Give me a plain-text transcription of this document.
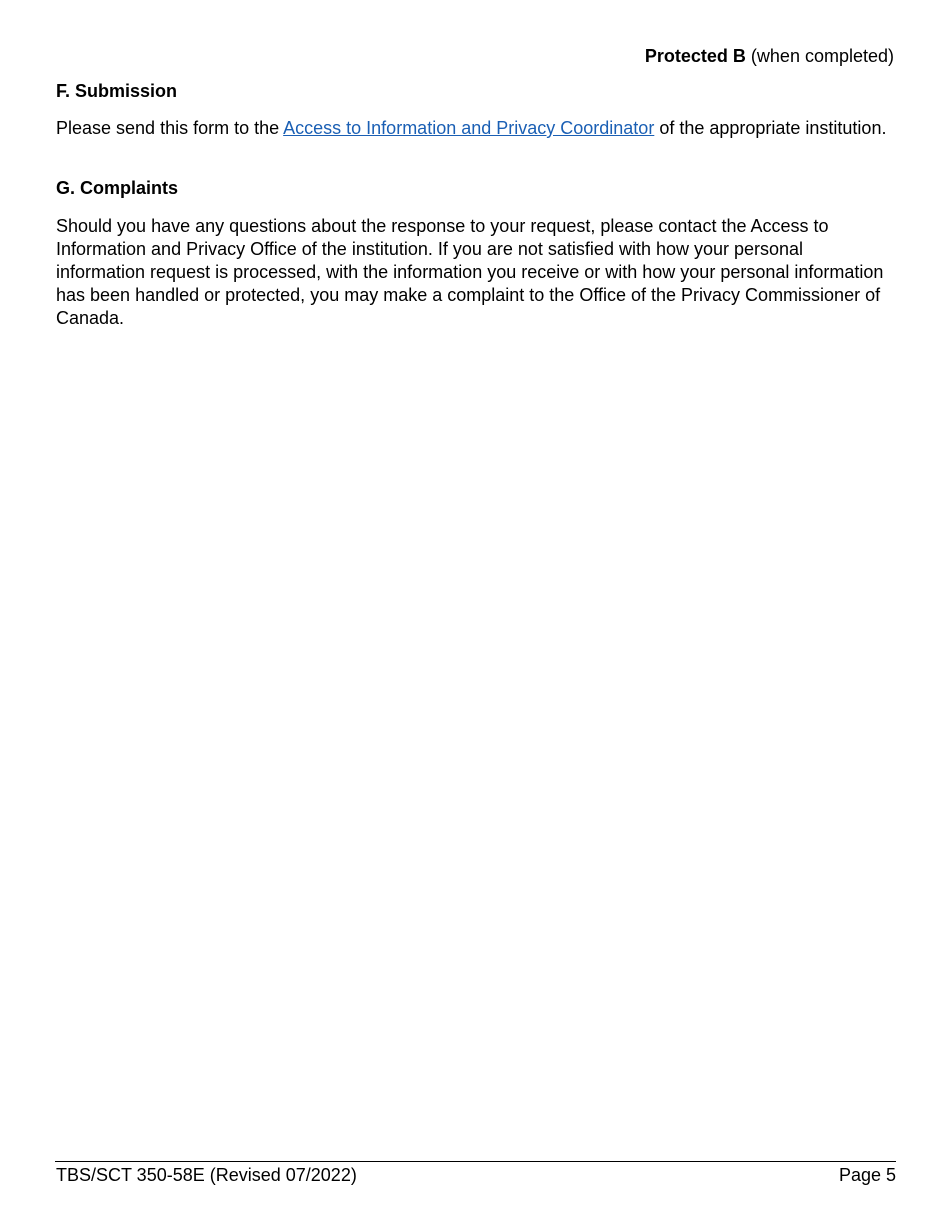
Protected B (when completed)

F. Submission

Please send this form to the Access to Information and Privacy Coordinator of the appropriate institution.

G. Complaints

Should you have any questions about the response to your request, please contact the Access to Information and Privacy Office of the institution. If you are not satisfied with how your personal information request is processed, with the information you receive or with how your personal information has been handled or protected, you may make a complaint to the Office of the Privacy Commissioner of Canada.

TBS/SCT 350-58E (Revised 07/2022)	Page 5
